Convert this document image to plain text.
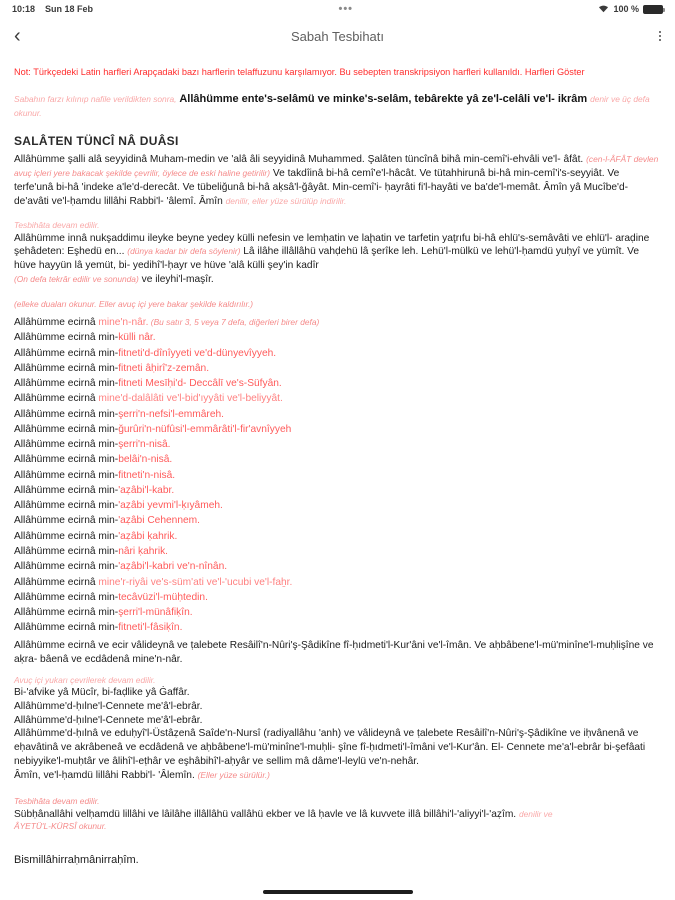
10:18 Sun 18 Feb	•••	100 %
‹	Sabah Tesbihatı
Not: Türkçedeki Latin harfleri Arapçadaki bazı harflerin telaffuzunu karşılamıyor. Bu sebepten transkripsiyon harfleri kullanıldı. Harfleri Göster

Sabahın farzı kılınıp nafile verildikten sonra, Allâhümme ente's-selâmü ve minke's-selâm, tebârekte yâ ze'l-celâli ve'l- ikrâm denir ve üç defa okunur.

SALÂTEN TÜNCÎ NÂ DUÂSI
Allâhümme şalli alâ seyyidinâ Muham-medin ve 'alâ âli seyyidinâ Muhammed. Şalâten tüncînâ bihâ min-cemî'i-ehvâli ve'l- âfât. (cen-l-ÂFÂT devlen avuç içleri yere bakacak şekilde çevrilir, öylece de eski haline getirilir) Ve takdîinâ bi-hâ cemî'e'l-hâcât. Ve tütahhirunâ bi-hâ min-cemî'i's-seyyiât. Ve terfe'unâ bi-hâ 'indeke a'le'd-derecât. Ve tübeliğunâ bi-hâ aḳsâ'l-ğâyât. Min-cemî'i- ḥayrâti fi'l-hayâti ve ba'de'l-memât. Âmîn yâ Mucîbe'd-de'avâti ve'l-ḥamdu lillâhi Rabbi'l- 'âlemî. Âmîn denilir, eller yüze sürülüp indirilir.
Tesbihâta devam edilir.
Allâhümme innâ nukşaddimu ileyke beyne yedey külli nefesin ve lemḥatin ve laḩatin ve tarfetin yaţrıfu bi-hâ ehlü's-semâvâti ve ehlü'l- araḍine şehâdeten: Eşhedü en... (dünya kadar bir defa söylenir) Lâ ilâhe illâllâhü vahḍehü lâ şerîke leh. Lehü'l-mülkü ve lehü'l-ḥamdü yuḥyî ve yümît. Ve hüve hayyün lâ yemüt, bi- yedihî'l-ḥayr ve hüve 'alâ külli şey'in kadîr
(On defa tekrâr edilir ve sonunda) ve ileyhi'l-maşîr.
(elleke duaları okunur. Eller avuç içi yere bakar şekilde kaldırılır.)
Allâhümme ecirnâ mine'n-nâr. (Bu satır 3, 5 veya 7 defa, diğerleri birer defa)
Allâhümme ecirnâ min-külli nâr.
Allâhümme ecirnâ min-fitneti'd-dînîyyeti ve'd-dünyevîyyeh.
Allâhümme ecirnâ min-fitneti âḥirî'z-zemân.
Allâhümme ecirnâ min-fitneti Mesīḥi'd- Deccâlī ve's-Süfyân.
Allâhümme ecirnâ mine'd-dalâlâti ve'l-bid'ıyyâti ve'l-beliyyât.
Allâhümme ecirnâ min-şerri'n-nefsi'l-emmâreh.
Allâhümme ecirnâ min-ğurûri'n-nüfûsi'l-emmârâti'l-fir'avnîyyeh
Allâhümme ecirnâ min-şerri'n-nisâ.
Allâhümme ecirnâ min-belâi'n-nisâ.
Allâhümme ecirnâ min-fitneti'n-nisâ.
Allâhümme ecirnâ min-'aẓâbi'l-kabr.
Allâhümme ecirnâ min-'aẓâbi yevmi'l-ḳıyâmeh.
Allâhümme ecirnâ min-'aẓâbi Cehennem.
Allâhümme ecirnâ min-'aẓâbi ḳahrik.
Allâhümme ecirnâ min-nâri ḳahrik.
Allâhümme ecirnâ min-'aẓâbi'l-kabri ve'n-nînân.
Allâhümme ecirnâ mine'r-riyâi ve's-süm'ati ve'l-'ucubi ve'l-faẖr.
Allâhümme ecirnâ min-tecâvüzi'l-müḥtedin.
Allâhümme ecirnâ min-şerri'l-münâfiḳîn.
Allâhümme ecirnâ min-fitneti'l-fâsiḳîn.
Allâhümme ecirnâ ve ecir vâlideynâ ve ṭalebete Resâilî'n-Nûri'ş-Şâdikîne fî-ḥıdmeti'l-Kur'âni ve'l-îmân. Ve aḥbâbene'l-mü'minîne'l-muḥlişîne ve aḳra- bâenâ ve ecdâdenâ mine'n-nâr.
Avuç içi yukarı çevrilerek devam edilir.
Bi-'afvike yâ Mücîr, bi-faḍlike yâ Ġaffâr.
Allâhümme'd-ḥılne'l-Cennete me'â'l-ebrâr.
Allâhümme'd-ḥılne'l-Cennete me'â'l-ebrâr.
Allâhümme'd-ḥılnâ ve eduḥyî'l-Üstâẓenâ Saîde'n-Nursî (radiyallâhu 'anh) ve vâlideynâ ve ṭalebete Resâilî'n-Nûri'ş-Şâdikîne ve iḥvânenâ ve eḥavâtinâ ve akrâbeneâ ve ecdâdenâ ve aḥbâbene'l-mü'minîne'l-muḥli- şîne fî-ḥıdmeti'l-îmâni ve'l-Kur'ân. El- Cennete me'a'l-ebrâr bi-şefâati nebiyyike'l-muḥtâr ve âlihî'l-eṭhâr ve eşhâbihî'l-aḥyâr ve sellim mâ dâme'l-leylü ve'n-nehâr.
Âmîn, ve'l-ḥamdü lillâhi Rabbi'l- 'Âlemîn. (Eller yüze sürülür.)
Tesbihâta devam edilir.
Sübḥânallâhi velḥamdü lillâhi ve lâilâhe illâllâhü vallâhü ekber ve lâ ḥavle ve lâ kuvvete illâ billâhi'l-'aliyyi'l-'aẓîm. denilir ve
ÂYETÜ'L-KÜRSÎ okunur.
Bismillâhirraḥmânirraḥîm.
